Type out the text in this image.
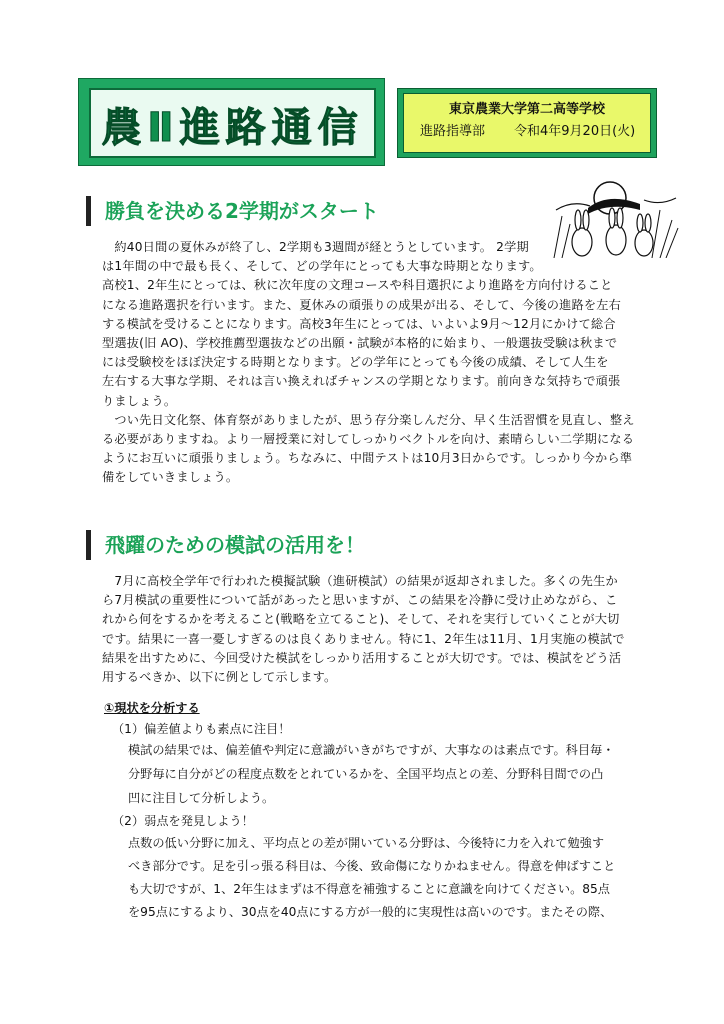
農Ⅱ進路通信	東京農業大学第二高等学校
進路指導部 令和4年9月20日(火)
勝負を決める2学期がスタート
　約40日間の夏休みが終了し、2学期も3週間が経とうとしています。 2学期
は1年間の中で最も長く、そして、どの学年にとっても大事な時期となります。
高校1、2年生にとっては、秋に次年度の文理コースや科目選択により進路を方向付けること
になる進路選択を行います。また、夏休みの頑張りの成果が出る、そして、今後の進路を左右
する模試を受けることになります。高校3年生にとっては、いよいよ9月～12月にかけて総合
型選抜(旧 AO)、学校推薦型選抜などの出願・試験が本格的に始まり、一般選抜受験は秋まで
には受験校をほぼ決定する時期となります。どの学年にとっても今後の成績、そして人生を
左右する大事な学期、それは言い換えればチャンスの学期となります。前向きな気持ちで頑張
りましょう。
　つい先日文化祭、体育祭がありましたが、思う存分楽しんだ分、早く生活習慣を見直し、整え
る必要がありますね。より一層授業に対してしっかりベクトルを向け、素晴らしい二学期になる
ようにお互いに頑張りましょう。ちなみに、中間テストは10月3日からです。しっかり今から準
備をしていきましょう。
飛躍のための模試の活用を！
　7月に高校全学年で行われた模擬試験（進研模試）の結果が返却されました。多くの先生か
ら7月模試の重要性について話があったと思いますが、この結果を冷静に受け止めながら、こ
れから何をするかを考えること(戦略を立てること)、そして、それを実行していくことが大切
です。結果に一喜一憂しすぎるのは良くありません。特に1、2年生は11月、1月実施の模試で
結果を出すために、今回受けた模試をしっかり活用することが大切です。では、模試をどう活
用するべきか、以下に例として示します。
①現状を分析する
（1）偏差値よりも素点に注目！
模試の結果では、偏差値や判定に意識がいきがちですが、大事なのは素点です。科目毎・
分野毎に自分がどの程度点数をとれているかを、全国平均点との差、分野科目間での凸
凹に注目して分析しよう。
（2）弱点を発見しよう！
点数の低い分野に加え、平均点との差が開いている分野は、今後特に力を入れて勉強す
べき部分です。足を引っ張る科目は、今後、致命傷になりかねません。得意を伸ばすこと
も大切ですが、1、2年生はまずは不得意を補強することに意識を向けてください。85点
を95点にするより、30点を40点にする方が一般的に実現性は高いのです。またその際、
